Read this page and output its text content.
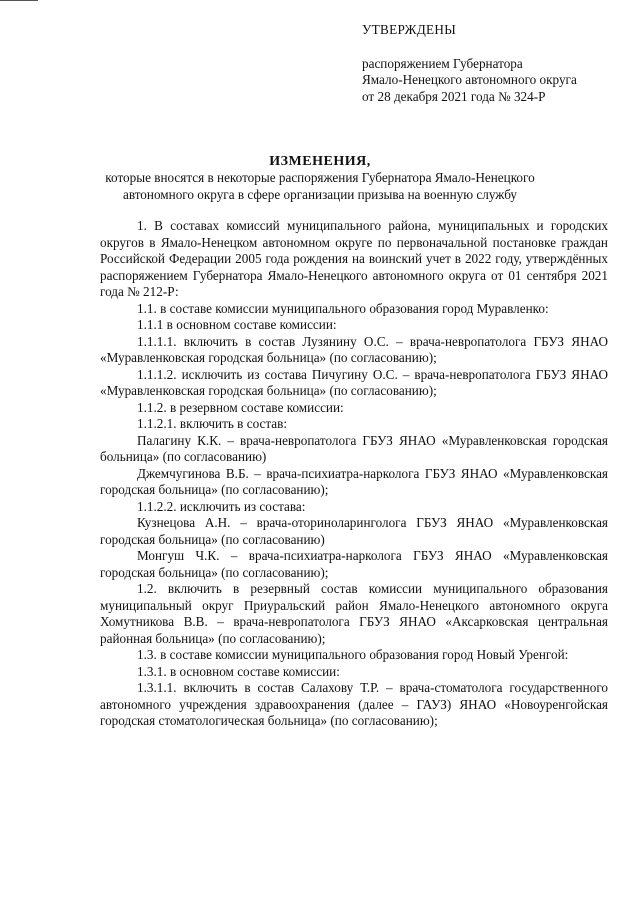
УТВЕРЖДЕНЫ
распоряжением Губернатора
Ямало-Ненецкого автономного округа
от 28 декабря 2021 года № 324-Р
ИЗМЕНЕНИЯ,
которые вносятся в некоторые распоряжения Губернатора Ямало-Ненецкого
автономного округа в сфере организации призыва на военную службу

1. В составах комиссий муниципального района, муниципальных и городских округов в Ямало-Ненецком автономном округе по первоначальной постановке граждан Российской Федерации 2005 года рождения на воинский учет в 2022 году, утверждённых распоряжением Губернатора Ямало-Ненецкого автономного округа от 01 сентября 2021 года № 212-Р:

1.1. в составе комиссии муниципального образования город Муравленко:

1.1.1 в основном составе комиссии:

1.1.1.1. включить в состав Лузянину О.С. – врача-невропатолога ГБУЗ ЯНАО «Муравленковская городская больница» (по согласованию);

1.1.1.2. исключить из состава Пичугину О.С. – врача-невропатолога ГБУЗ ЯНАО «Муравленковская городская больница» (по согласованию);

1.1.2. в резервном составе комиссии:

1.1.2.1. включить в состав:

Палагину К.К. – врача-невропатолога ГБУЗ ЯНАО «Муравленковская городская больница» (по согласованию)

Джемчугинова В.Б. – врача-психиатра-нарколога ГБУЗ ЯНАО «Муравленковская городская больница» (по согласованию);

1.1.2.2. исключить из состава:

Кузнецова А.Н. – врача-оториноларинголога ГБУЗ ЯНАО «Муравленковская городская больница» (по согласованию)

Монгуш Ч.К. – врача-психиатра-нарколога ГБУЗ ЯНАО «Муравленковская городская больница» (по согласованию);

1.2. включить в резервный состав комиссии муниципального образования муниципальный округ Приуральский район Ямало-Ненецкого автономного округа Хомутникова В.В. – врача-невропатолога ГБУЗ ЯНАО «Аксарковская центральная районная больница» (по согласованию);

1.3. в составе комиссии муниципального образования город Новый Уренгой:

1.3.1. в основном составе комиссии:

1.3.1.1. включить в состав Салахову Т.Р. – врача-стоматолога государственного автономного учреждения здравоохранения (далее – ГАУЗ) ЯНАО «Новоуренгойская городская стоматологическая больница» (по согласованию);
